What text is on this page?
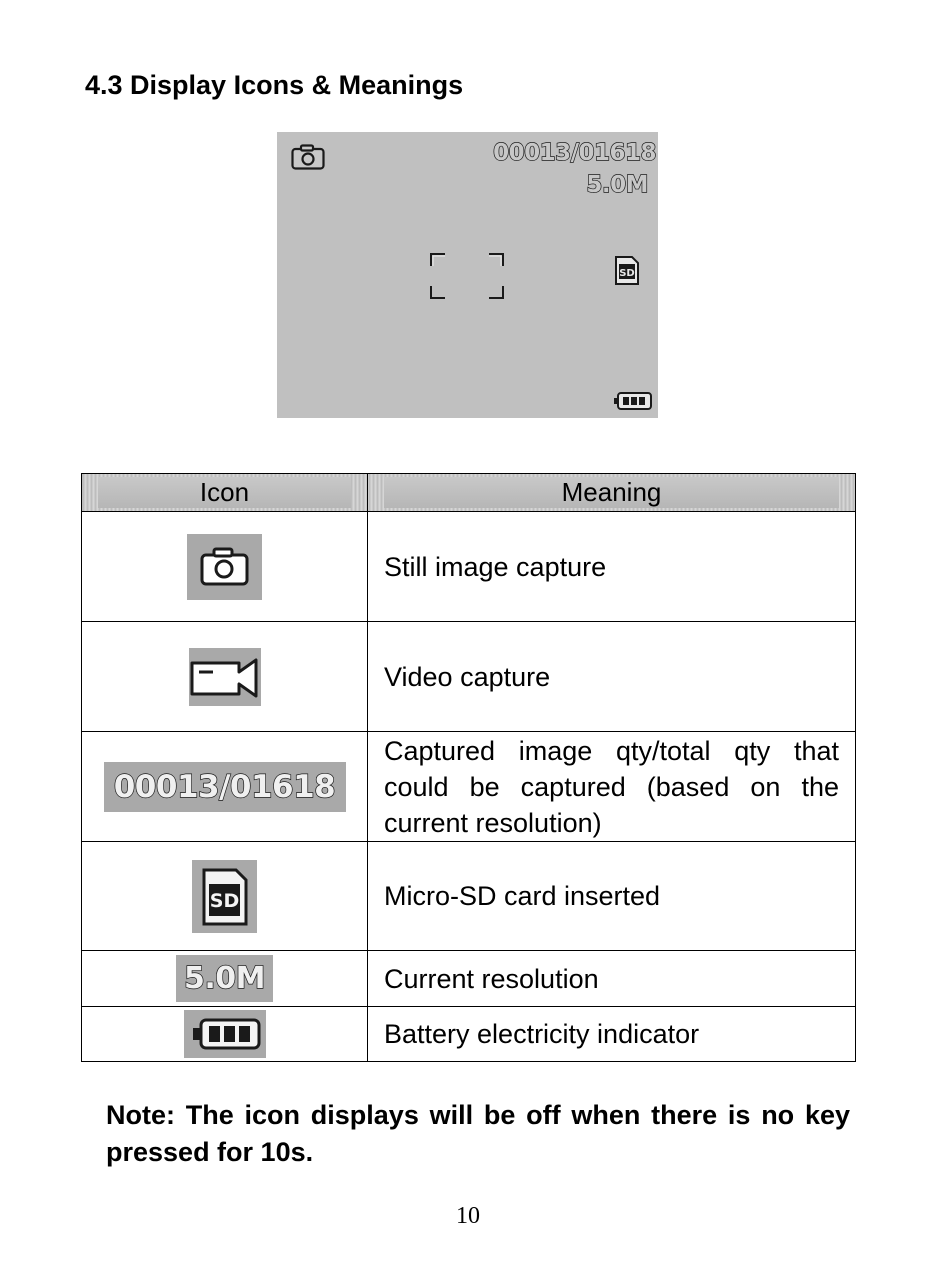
4.3 Display Icons & Meanings
00013/01618
5.0M
SD
Icon	Meaning

	Still image capture
	Video capture

00013/01618	Captured image qty/total qty that could be captured (based on the current resolution)

SD	Micro-SD card inserted

5.0M	Current resolution
	Battery electricity indicator

Note: The icon displays will be off when there is no key pressed for 10s.

10
